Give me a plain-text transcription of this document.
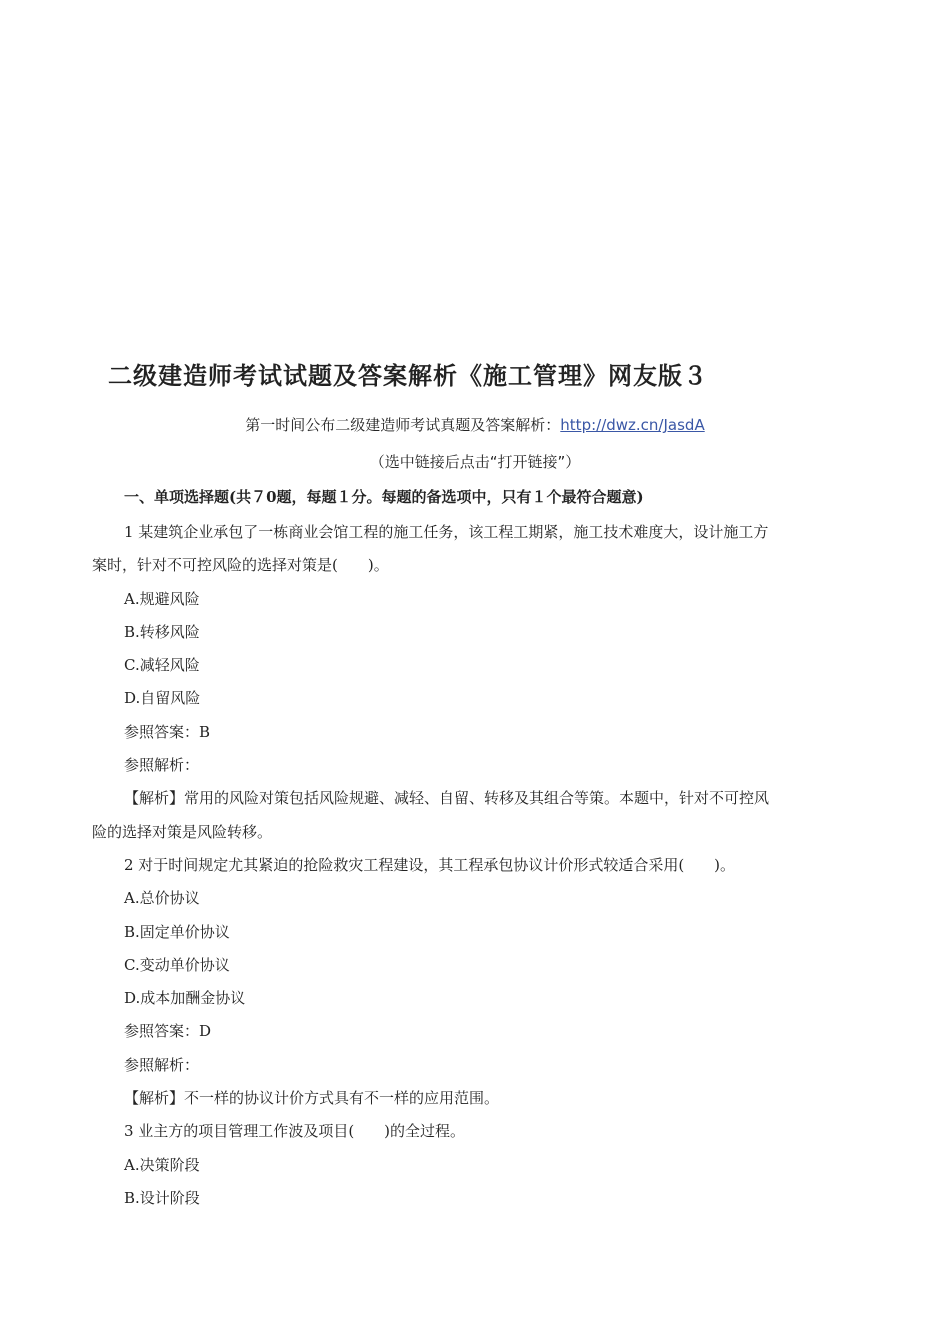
二级建造师考试试题及答案解析《施工管理》网友版３
第一时间公布二级建造师考试真题及答案解析：http://dwz.cn/JasdA
（选中链接后点击“打开链接”）
一、单项选择题(共７0题，每题１分。每题的备选项中，只有１个最符合题意)
1 某建筑企业承包了一栋商业会馆工程的施工任务，该工程工期紧，施工技术难度大，设计施工方
案时，针对不可控风险的选择对策是(　　)。
A.规避风险
B.转移风险
C.减轻风险
D.自留风险
参照答案：B
参照解析：
【解析】常用的风险对策包括风险规避、减轻、自留、转移及其组合等策。本题中，针对不可控风
险的选择对策是风险转移。
2 对于时间规定尤其紧迫的抢险救灾工程建设，其工程承包协议计价形式较适合采用(　　)。
A.总价协议
B.固定单价协议
C.变动单价协议
D.成本加酬金协议
参照答案：D
参照解析：
【解析】不一样的协议计价方式具有不一样的应用范围。
3 业主方的项目管理工作波及项目(　　)的全过程。
A.决策阶段
B.设计阶段
